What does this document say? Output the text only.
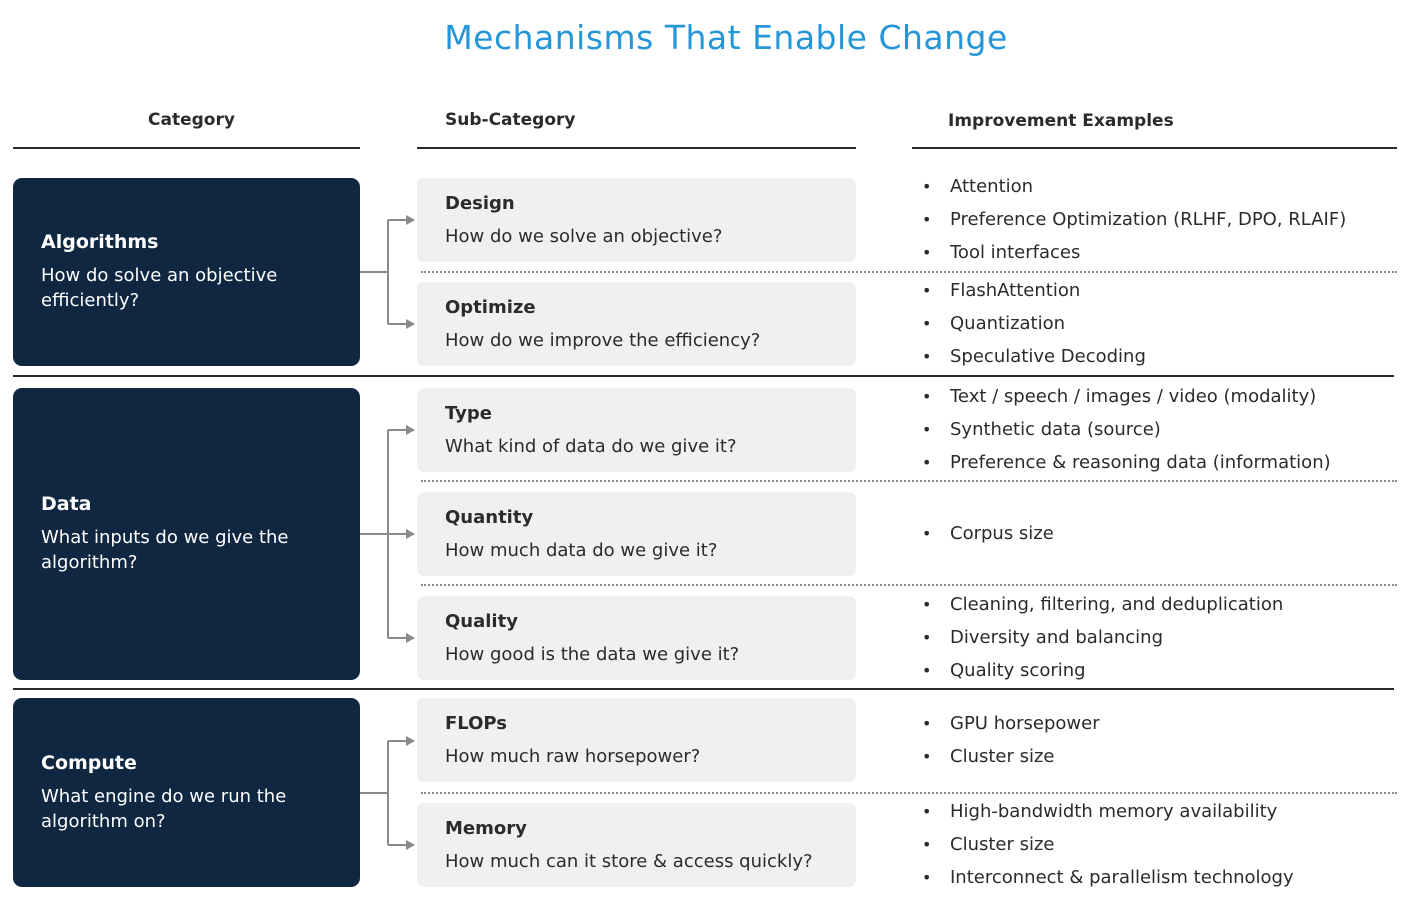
Mechanisms That Enable Change
Category	Sub-Category	Improvement Examples
Algorithms
How do solve an objective efficiently?
Data
What inputs do we give the algorithm?
Compute
What engine do we run the algorithm on?
Design
How do we solve an objective?
Optimize
How do we improve the efficiency?
Type
What kind of data do we give it?
Quantity
How much data do we give it?
Quality
How good is the data we give it?
FLOPs
How much raw horsepower?
Memory
How much can it store & access quickly?
• Attention
• Preference Optimization (RLHF, DPO, RLAIF)
• Tool interfaces
• FlashAttention
• Quantization
• Speculative Decoding
• Text / speech / images / video (modality)
• Synthetic data (source)
• Preference & reasoning data (information)
• Corpus size
• Cleaning, filtering, and deduplication
• Diversity and balancing
• Quality scoring
• GPU horsepower
• Cluster size
• High-bandwidth memory availability
• Cluster size
• Interconnect & parallelism technology
